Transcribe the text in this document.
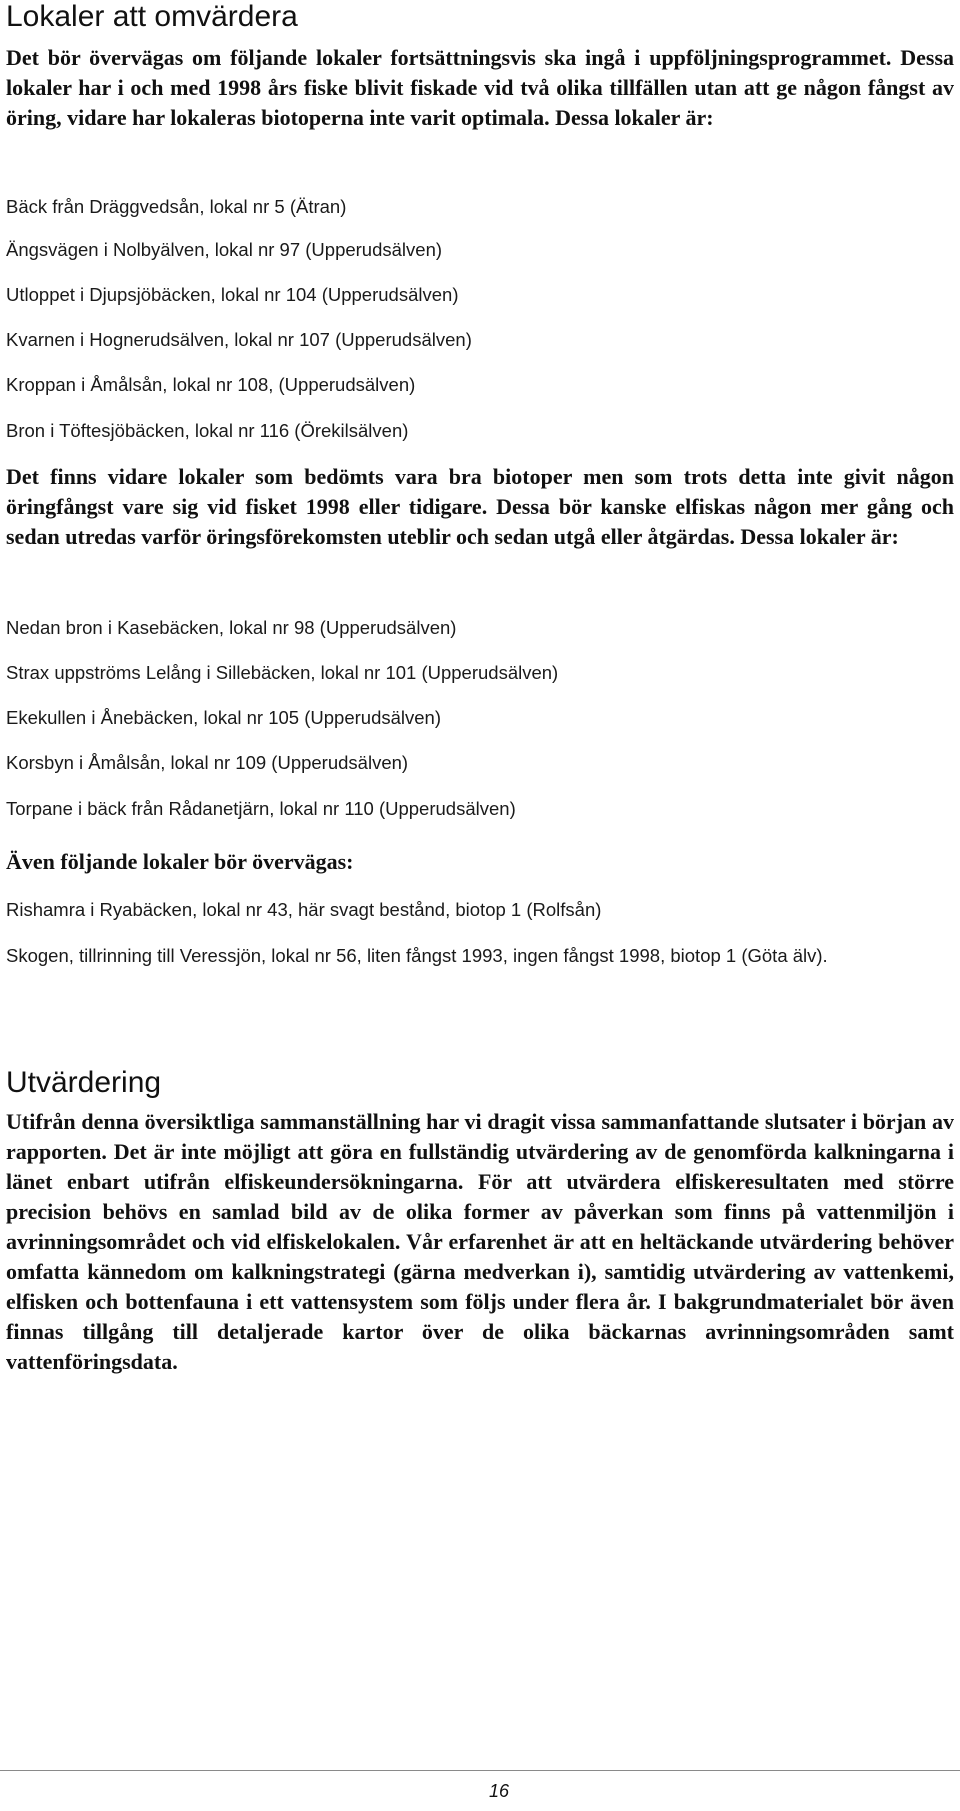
Lokaler att omvärdera

Det bör övervägas om följande lokaler fortsättningsvis ska ingå i uppföljningsprogrammet. Dessa lokaler har i och med 1998 års fiske blivit fiskade vid två olika tillfällen utan att ge någon fångst av öring, vidare har lokaleras biotoperna inte varit optimala. Dessa lokaler är:

Bäck från Dräggvedsån, lokal nr 5 (Ätran)

Ängsvägen i Nolbyälven, lokal nr 97 (Upperudsälven)

Utloppet i Djupsjöbäcken, lokal nr 104 (Upperudsälven)

Kvarnen i Hognerudsälven, lokal nr 107 (Upperudsälven)

Kroppan i Åmålsån, lokal nr 108, (Upperudsälven)

Bron i Töftesjöbäcken, lokal nr 116 (Örekilsälven)

Det finns vidare lokaler som bedömts vara bra biotoper men som trots detta inte givit någon öringfångst vare sig vid fisket 1998 eller tidigare. Dessa bör kanske elfiskas någon mer gång och sedan utredas varför öringsförekomsten uteblir och sedan utgå eller åtgärdas. Dessa lokaler är:

Nedan bron i Kasebäcken, lokal nr 98 (Upperudsälven)

Strax uppströms Lelång i Sillebäcken, lokal nr 101 (Upperudsälven)

Ekekullen i Ånebäcken, lokal nr 105 (Upperudsälven)

Korsbyn i Åmålsån, lokal nr 109 (Upperudsälven)

Torpane i bäck från Rådanetjärn, lokal nr 110 (Upperudsälven)

Även följande lokaler bör övervägas:

Rishamra i Ryabäcken, lokal nr 43, här svagt bestånd, biotop 1 (Rolfsån)

Skogen, tillrinning till Veressjön, lokal nr 56, liten fångst 1993, ingen fångst 1998, biotop 1 (Göta älv).

Utvärdering

Utifrån denna översiktliga sammanställning har vi dragit vissa sammanfattande slutsater i början av rapporten. Det är inte möjligt att göra en fullständig utvärdering av de genomförda kalkningarna i länet enbart utifrån elfiskeundersökningarna. För att utvärdera elfiskeresultaten med större precision behövs en samlad bild av de olika former av påverkan som finns på vattenmiljön i avrinningsområdet och vid elfiskelokalen. Vår erfarenhet är att en heltäckande utvärdering behöver omfatta kännedom om kalkningstrategi (gärna medverkan i), samtidig utvärdering av vattenkemi, elfisken och bottenfauna i ett vattensystem som följs under flera år. I bakgrundmaterialet bör även finnas tillgång till detaljerade kartor över de olika bäckarnas avrinningsområden samt vattenföringsdata.

16
